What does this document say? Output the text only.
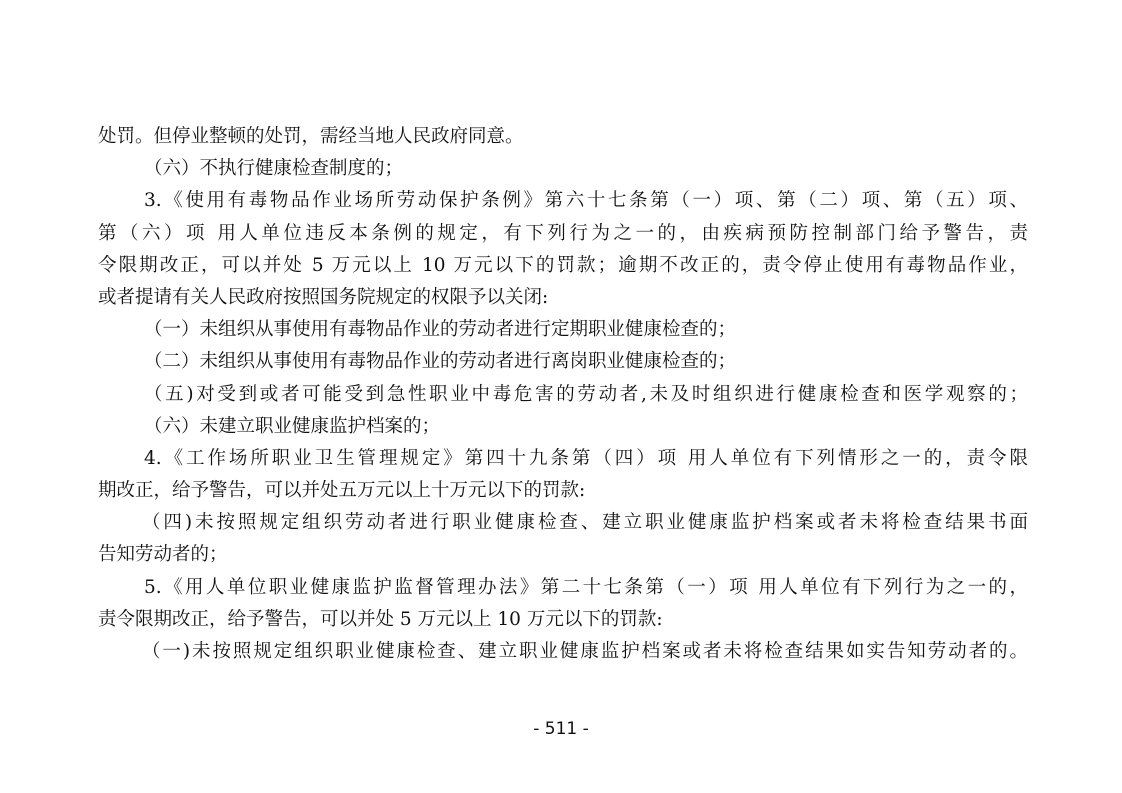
处罚。但停业整顿的处罚，需经当地人民政府同意。
（六）不执行健康检查制度的；
3.《使用有毒物品作业场所劳动保护条例》第六十七条第（一）项、第（二）项、第（五）项、
第（六）项 用人单位违反本条例的规定，有下列行为之一的，由疾病预防控制部门给予警告，责
令限期改正，可以并处 5 万元以上 10 万元以下的罚款；逾期不改正的，责令停止使用有毒物品作业，
或者提请有关人民政府按照国务院规定的权限予以关闭:
（一）未组织从事使用有毒物品作业的劳动者进行定期职业健康检查的；
（二）未组织从事使用有毒物品作业的劳动者进行离岗职业健康检查的；
（五)对受到或者可能受到急性职业中毒危害的劳动者,未及时组织进行健康检查和医学观察的；
（六）未建立职业健康监护档案的；
4.《工作场所职业卫生管理规定》第四十九条第（四）项 用人单位有下列情形之一的，责令限
期改正，给予警告，可以并处五万元以上十万元以下的罚款:
（四)未按照规定组织劳动者进行职业健康检查、建立职业健康监护档案或者未将检查结果书面
告知劳动者的；
5.《用人单位职业健康监护监督管理办法》第二十七条第（一）项 用人单位有下列行为之一的，
责令限期改正，给予警告，可以并处 5 万元以上 10 万元以下的罚款:
（一)未按照规定组织职业健康检查、建立职业健康监护档案或者未将检查结果如实告知劳动者的。
- 511 -
